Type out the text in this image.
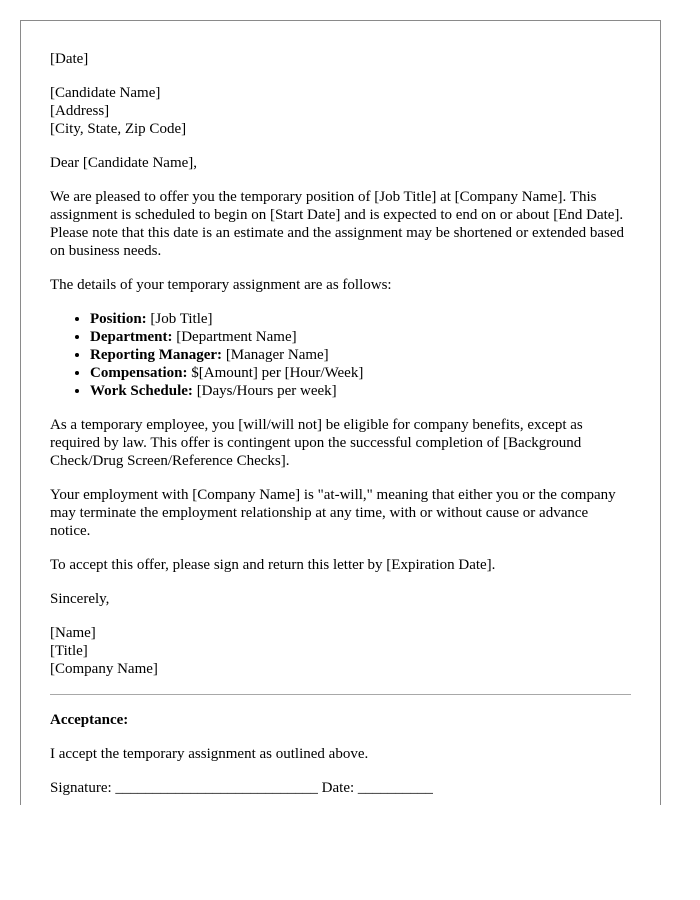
[Date]

[Candidate Name]

[Address]

[City, State, Zip Code]

Dear [Candidate Name],

We are pleased to offer you the temporary position of [Job Title] at [Company Name]. This assignment is scheduled to begin on [Start Date] and is expected to end on or about [End Date]. Please note that this date is an estimate and the assignment may be shortened or extended based on business needs.

The details of your temporary assignment are as follows:

• Position: [Job Title]
• Department: [Department Name]
• Reporting Manager: [Manager Name]
• Compensation: $[Amount] per [Hour/Week]
• Work Schedule: [Days/Hours per week]

As a temporary employee, you [will/will not] be eligible for company benefits, except as required by law. This offer is contingent upon the successful completion of [Background Check/Drug Screen/Reference Checks].

Your employment with [Company Name] is "at-will," meaning that either you or the company may terminate the employment relationship at any time, with or without cause or advance notice.

To accept this offer, please sign and return this letter by [Expiration Date].

Sincerely,

[Name]

[Title]

[Company Name]

Acceptance:

I accept the temporary assignment as outlined above.

Signature: ___________________________ Date: __________
